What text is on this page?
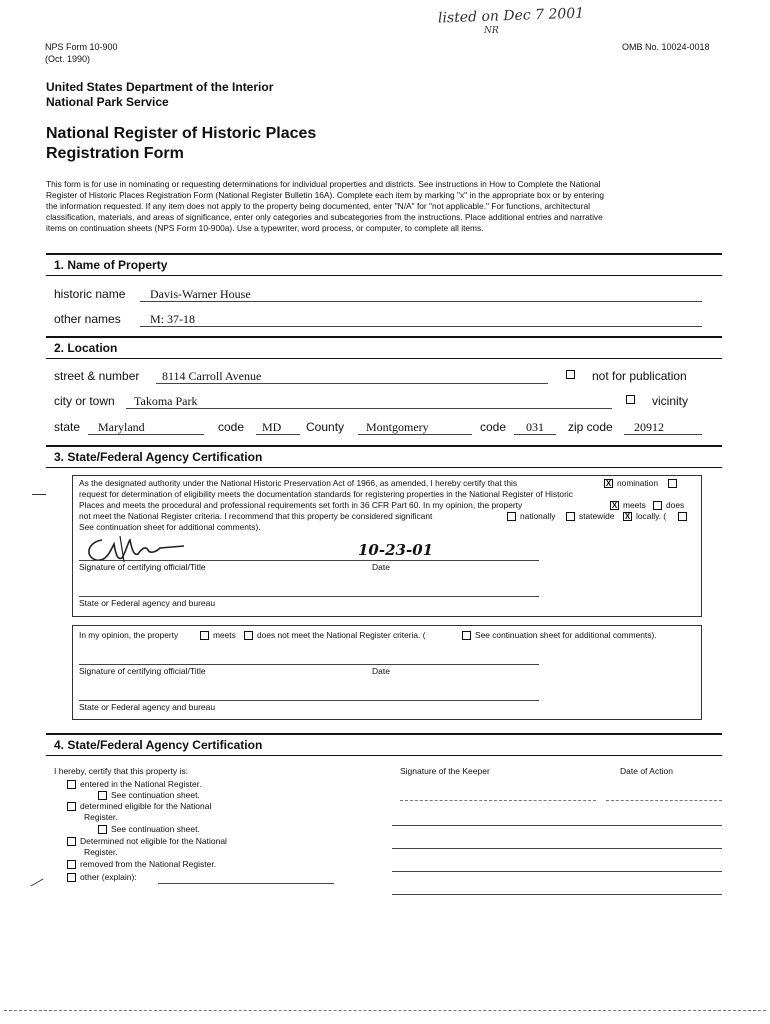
listed on Dec 7 2001
NR
NPS Form 10-900
(Oct. 1990)
OMB No. 10024-0018
United States Department of the Interior
National Park Service
National Register of Historic Places
Registration Form
This form is for use in nominating or requesting determinations for individual properties and districts. See instructions in How to Complete the National
Register of Historic Places Registration Form (National Register Bulletin 16A). Complete each item by marking "x" in the appropriate box or by entering
the information requested. If any item does not apply to the property being documented, enter "N/A" for "not applicable." For functions, architectural
classification, materials, and areas of significance, enter only categories and subcategories from the instructions. Place additional entries and narrative
items on continuation sheets (NPS Form 10-900a). Use a typewriter, word process, or computer, to complete all items.
1. Name of Property
historic name Davis-Warner House
other names M: 37-18
2. Location
street & number 8114 Carroll Avenue	not for publication
city or town Takoma Park	vicinity
state Maryland	code MD County Montgomery	code 031 zip code 20912
3. State/Federal Agency Certification
As the designated authority under the National Historic Preservation Act of 1966, as amended, I hereby certify that this	X nomination
request for determination of eligibility meets the documentation standards for registering properties in the National Register of Historic
Places and meets the procedural and professional requirements set forth in 36 CFR Part 60. In my opinion, the property	X meets does
not meet the National Register criteria. I recommend that this property be considered significant	nationally	statewide X locally. (
See continuation sheet for additional comments).
10-23-01
Signature of certifying official/Title	Date
State or Federal agency and bureau
In my opinion, the property	meets	does not meet the National Register criteria. (	See continuation sheet for additional comments).
Signature of certifying official/Title	Date
State or Federal agency and bureau
4. State/Federal Agency Certification
I hereby, certify that this property is:	Signature of the Keeper	Date of Action
entered in the National Register.
See continuation sheet.
determined eligible for the National
Register.
See continuation sheet.
Determined not eligible for the National
Register.
removed from the National Register.
other (explain):
